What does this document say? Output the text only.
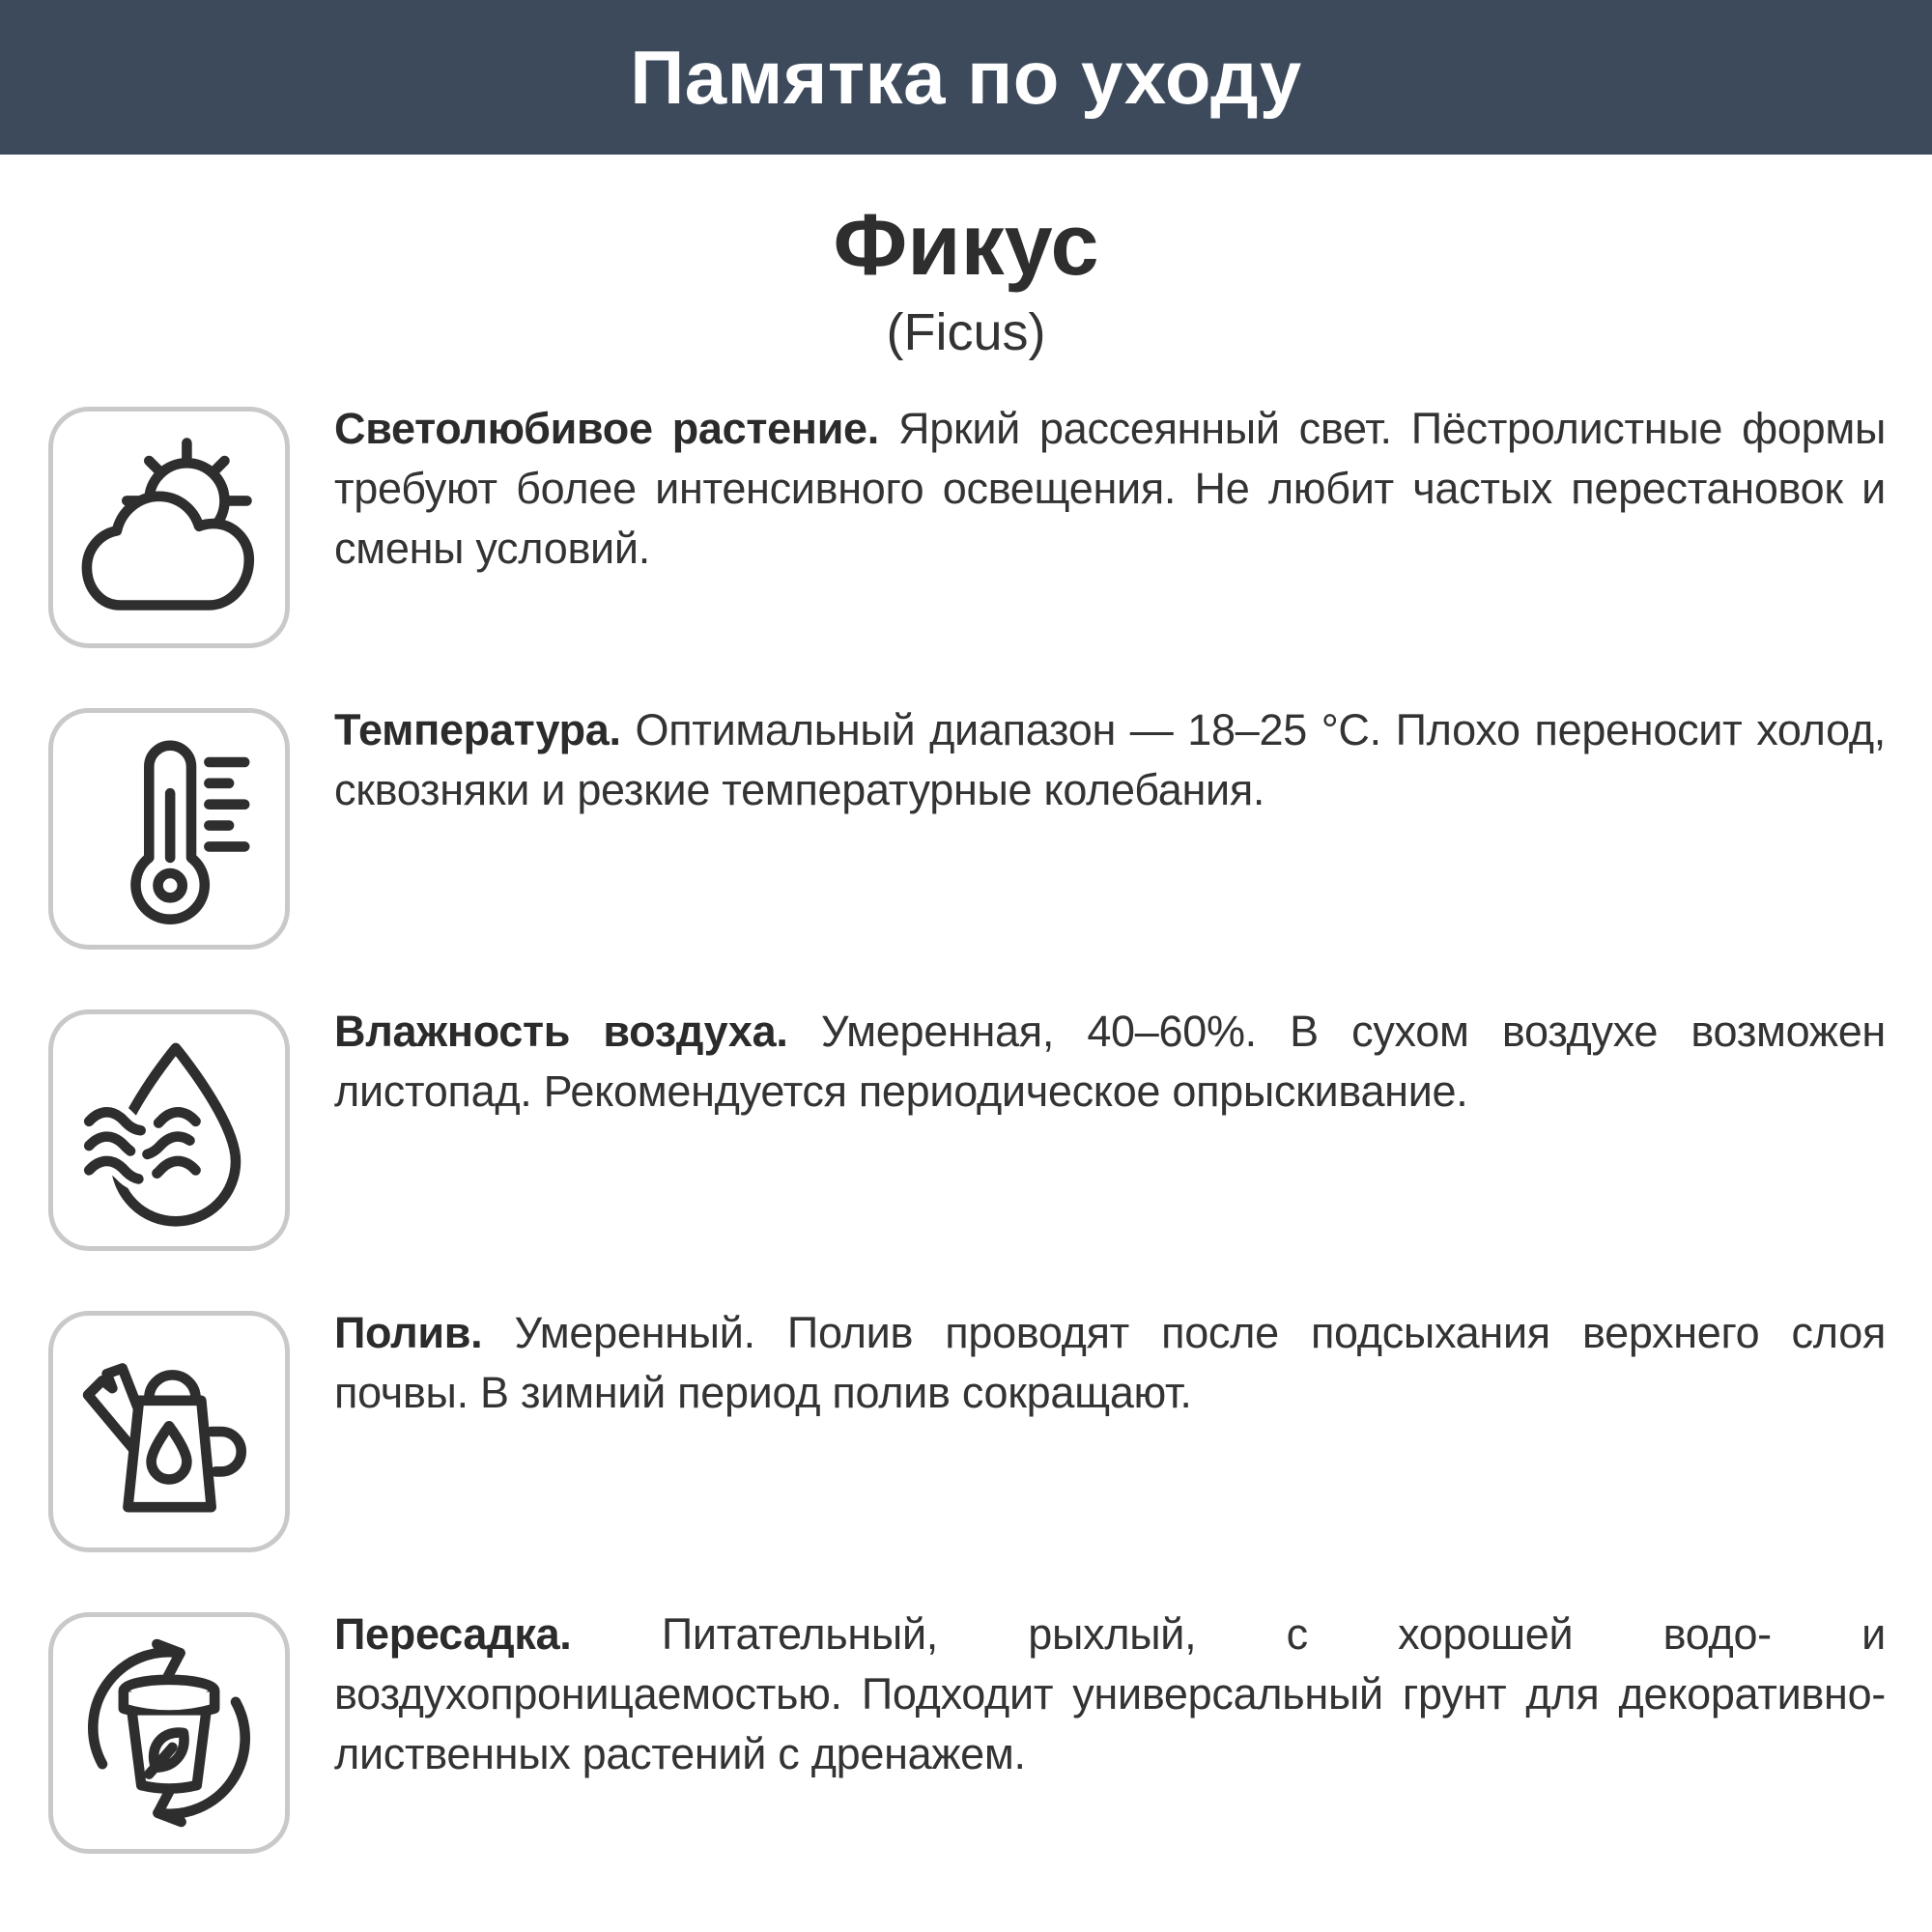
Памятка по уходу
Фикус
(Ficus)
Светолюбивое растение. Яркий рассеянный свет. Пёстролистные формы требуют более интенсивного освещения. Не любит частых перестановок и смены условий.
Температура. Оптимальный диапазон — 18–25 °C. Плохо переносит холод, сквозняки и резкие температурные колебания.
Влажность воздуха. Умеренная, 40–60%. В сухом воздухе возможен листопад. Рекомендуется периодическое опрыскивание.
Полив. Умеренный. Полив проводят после подсыхания верхнего слоя почвы. В зимний период полив сокращают.
Пересадка. Питательный, рыхлый, с хорошей водо- и воздухопроницаемостью. Подходит универсальный грунт для декоративно-лиственных растений с дренажем.
